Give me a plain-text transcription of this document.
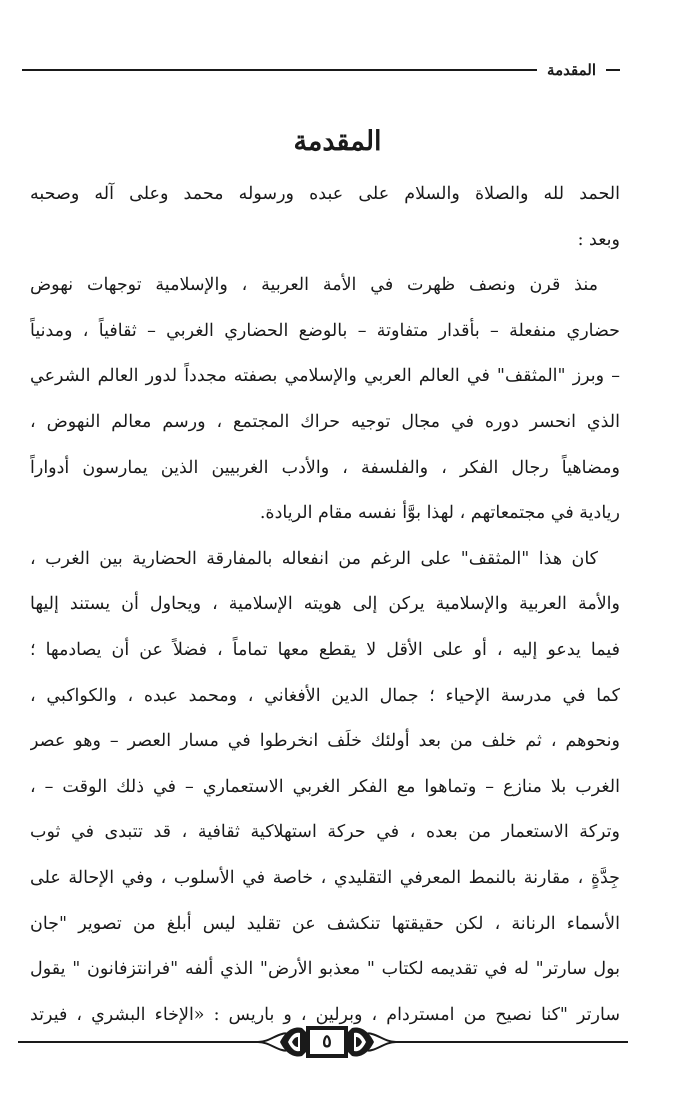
المقدمة
المقدمة
الحمد لله والصلاة والسلام على عبده ورسوله محمد وعلى آله وصحبه
وبعد :
منذ قرن ونصف ظهرت في الأمة العربية ، والإسلامية توجهات نهوض
حضاري منفعلة – بأقدار متفاوتة – بالوضع الحضاري الغربي – ثقافياً ، ومدنياً
– وبرز "المثقف" في العالم العربي والإسلامي بصفته مجدداً لدور العالم الشرعي
الذي انحسر دوره في مجال توجيه حراك المجتمع ، ورسم معالم النهوض ،
ومضاهياً رجال الفكر ، والفلسفة ، والأدب الغربيين الذين يمارسون أدواراً
ريادية في مجتمعاتهم ، لهذا بوَّأ نفسه مقام الريادة.
كان هذا "المثقف" على الرغم من انفعاله بالمفارقة الحضارية بين الغرب ،
والأمة العربية والإسلامية يركن إلى هويته الإسلامية ، ويحاول أن يستند إليها
فيما يدعو إليه ، أو على الأقل لا يقطع معها تماماً ، فضلاً عن أن يصادمها ؛
كما في مدرسة الإحياء ؛ جمال الدين الأفغاني ، ومحمد عبده ، والكواكبي ،
ونحوهم ، ثم خلف من بعد أولئك خلَف انخرطوا في مسار العصر – وهو عصر
الغرب بلا منازع – وتماهوا مع الفكر الغربي الاستعماري – في ذلك الوقت – ،
وتركة الاستعمار من بعده ، في حركة استهلاكية ثقافية ، قد تتبدى في ثوب
جِدَّةٍ ، مقارنة بالنمط المعرفي التقليدي ، خاصة في الأسلوب ، وفي الإحالة على
الأسماء الرنانة ، لكن حقيقتها تنكشف عن تقليد ليس أبلغ من تصوير "جان
بول سارتر" له في تقديمه لكتاب " معذبو الأرض" الذي ألفه "فرانتزفانون " يقول
سارتر "كنا نصيح من امستردام ، وبرلين ، و باريس : «الإخاء البشري ، فيرتد
٥
